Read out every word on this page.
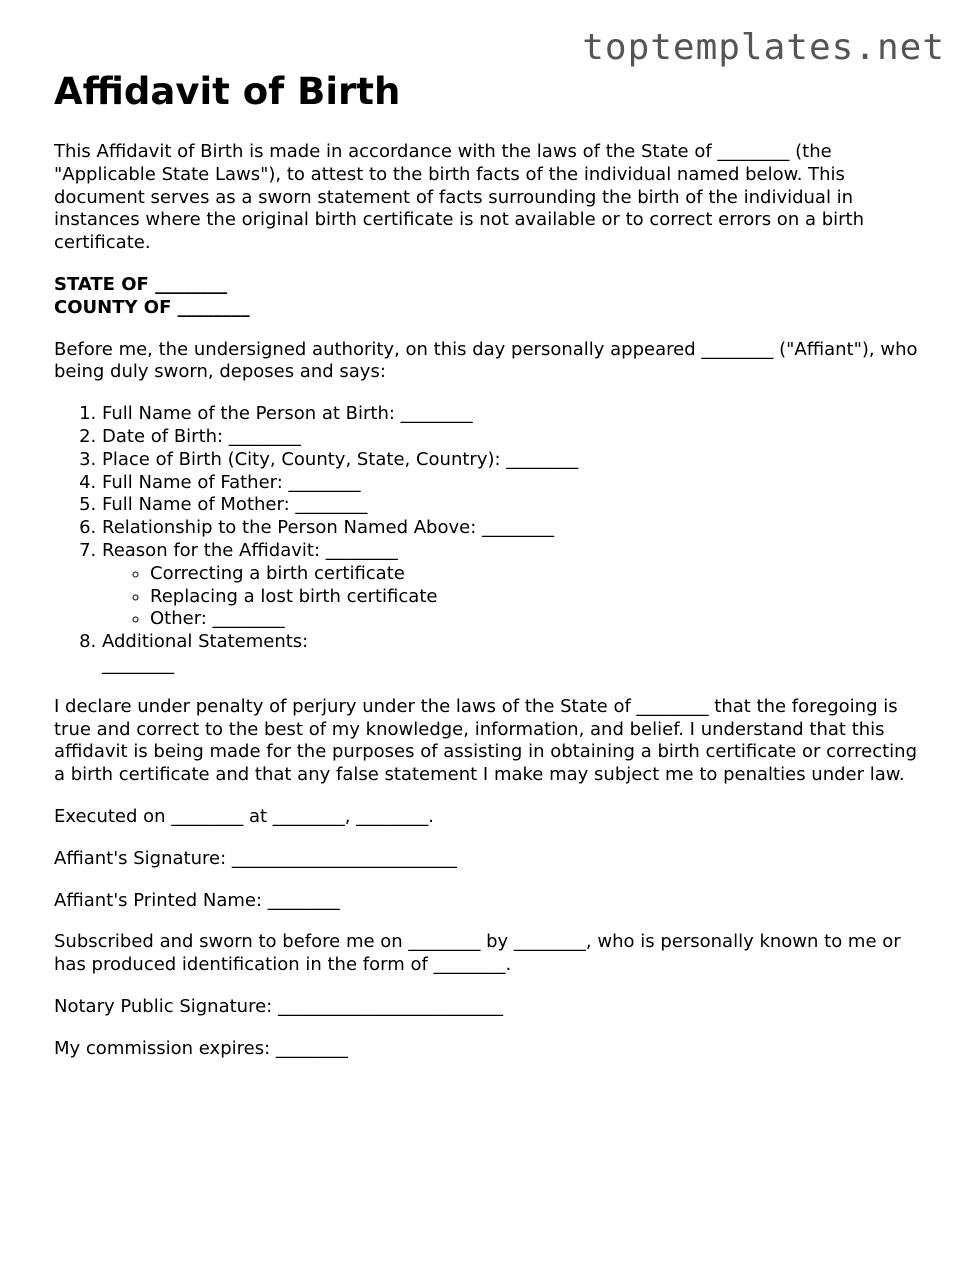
toptemplates.net
Affidavit of Birth

This Affidavit of Birth is made in accordance with the laws of the State of ________ (the "Applicable State Laws"), to attest to the birth facts of the individual named below. This document serves as a sworn statement of facts surrounding the birth of the individual in instances where the original birth certificate is not available or to correct errors on a birth certificate.

STATE OF ________
COUNTY OF ________

Before me, the undersigned authority, on this day personally appeared ________ ("Affiant"), who being duly sworn, deposes and says:

1. Full Name of the Person at Birth: ________
2. Date of Birth: ________
3. Place of Birth (City, County, State, Country): ________
4. Full Name of Father: ________
5. Full Name of Mother: ________
6. Relationship to the Person Named Above: ________
7. Reason for the Affidavit: ________
◦ Correcting a birth certificate
◦ Replacing a lost birth certificate
◦ Other: ________
8. Additional Statements:
________

I declare under penalty of perjury under the laws of the State of ________ that the foregoing is true and correct to the best of my knowledge, information, and belief. I understand that this affidavit is being made for the purposes of assisting in obtaining a birth certificate or correcting a birth certificate and that any false statement I make may subject me to penalties under law.

Executed on ________ at ________, ________.

Affiant's Signature: _________________________

Affiant's Printed Name: ________

Subscribed and sworn to before me on ________ by ________, who is personally known to me or has produced identification in the form of ________.

Notary Public Signature: _________________________

My commission expires: ________
